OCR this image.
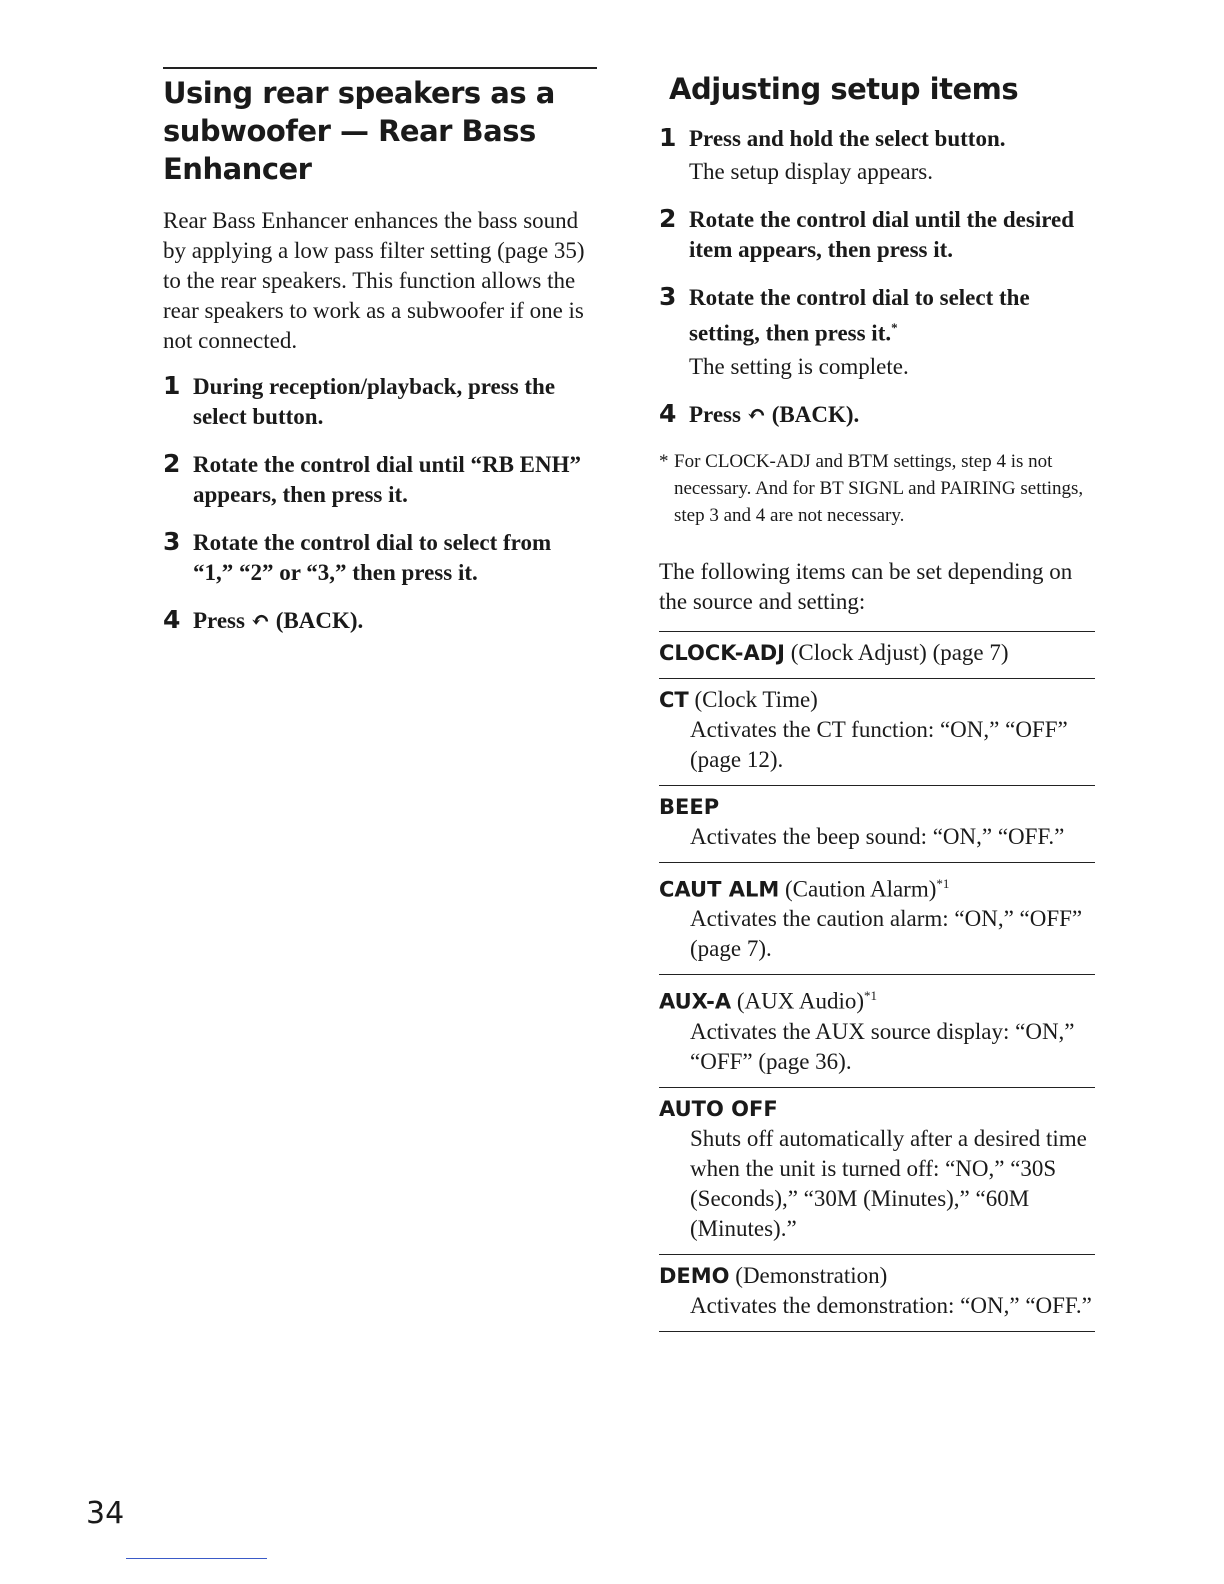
Using rear speakers as a subwoofer — Rear Bass Enhancer

Rear Bass Enhancer enhances the bass sound by applying a low pass filter setting (page 35) to the rear speakers. This function allows the rear speakers to work as a subwoofer if one is not connected.

1 During reception/playback, press the select button.
2 Rotate the control dial until “RB ENH” appears, then press it.
3 Rotate the control dial to select from “1,” “2” or “3,” then press it.
4 Press ↶ (BACK).
Adjusting setup items
1 Press and hold the select button.
The setup display appears.
2 Rotate the control dial until the desired item appears, then press it.
3 Rotate the control dial to select the setting, then press it.*
The setting is complete.
4 Press ↶ (BACK).
* For CLOCK-ADJ and BTM settings, step 4 is not necessary. And for BT SIGNL and PAIRING settings, step 3 and 4 are not necessary.

The following items can be set depending on the source and setting:

CLOCK-ADJ (Clock Adjust) (page 7)
CT (Clock Time)
Activates the CT function: “ON,” “OFF” (page 12).
BEEP
Activates the beep sound: “ON,” “OFF.”
CAUT ALM (Caution Alarm)$^{*1}$
Activates the caution alarm: “ON,” “OFF” (page 7).
AUX-A (AUX Audio)$^{*1}$
Activates the AUX source display: “ON,” “OFF” (page 36).
AUTO OFF
Shuts off automatically after a desired time when the unit is turned off: “NO,” “30S (Seconds),” “30M (Minutes),” “60M (Minutes).”
DEMO (Demonstration)
Activates the demonstration: “ON,” “OFF.”
34
